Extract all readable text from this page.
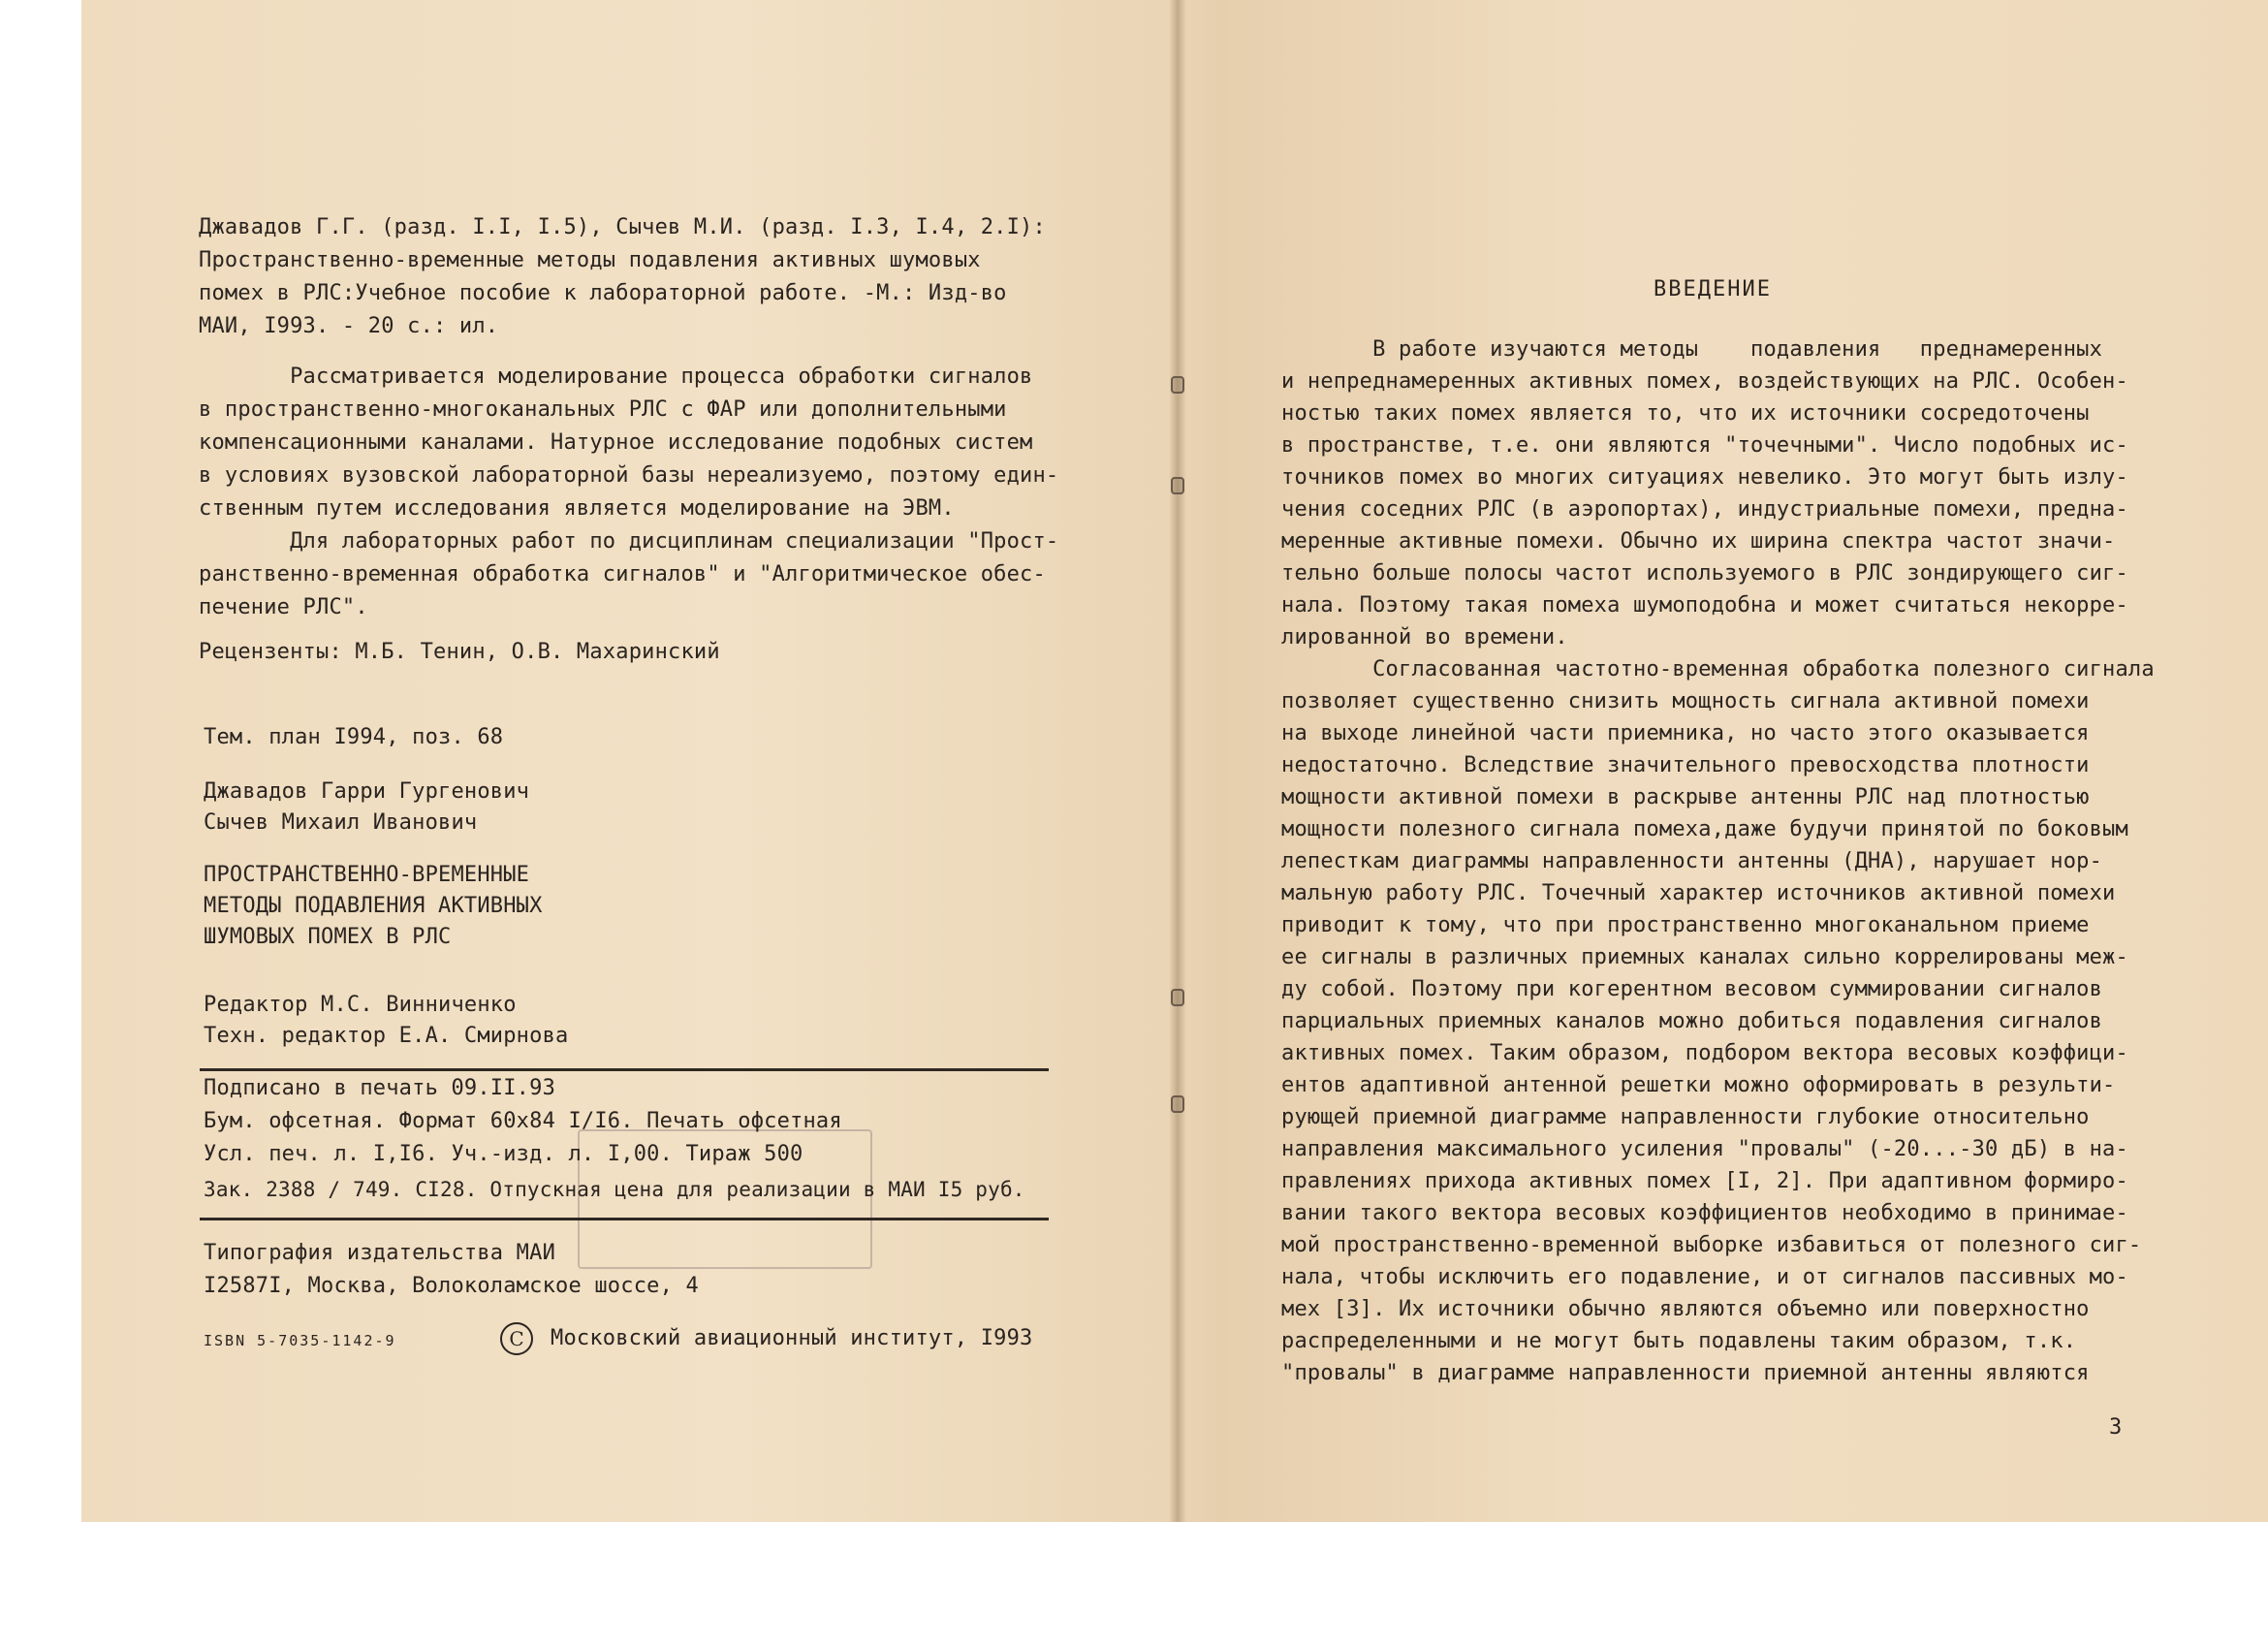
Джавадов Г.Г. (разд. I.I, I.5), Сычев М.И. (разд. I.3, I.4, 2.I):
Пространственно-временные методы подавления активных шумовых
помех в РЛС:Учебное пособие к лабораторной работе. -М.: Изд-во
МАИ, I993. - 20 с.: ил.
Рассматривается моделирование процесса обработки сигналов
в пространственно-многоканальных РЛС с ФАР или дополнительными
компенсационными каналами. Натурное исследование подобных систем
в условиях вузовской лабораторной базы нереализуемо, поэтому един-
ственным путем исследования является моделирование на ЭВМ.
Для лабораторных работ по дисциплинам специализации "Прост-
ранственно-временная обработка сигналов" и "Алгоритмическое обес-
печение РЛС".
Рецензенты: М.Б. Тенин, О.В. Махаринский
Тем. план I994, поз. 68
Джавадов Гарри Гургенович
Сычев Михаил Иванович
ПРОСТРАНСТВЕННО-ВРЕМЕННЫЕ
МЕТОДЫ ПОДАВЛЕНИЯ АКТИВНЫХ
ШУМОВЫХ ПОМЕХ В РЛС
Редактор М.С. Винниченко
Техн. редактор Е.А. Смирнова
Подписано в печать 09.II.93
Бум. офсетная. Формат 60x84 I/I6. Печать офсетная
Усл. печ. л. I,I6. Уч.-изд. л. I,00. Тираж 500
Зак. 2388 / 749. CI28. Отпускная цена для реализации в МАИ I5 руб.
Типография издательства МАИ
I2587I, Москва, Волоколамское шоссе, 4
ISBN 5-7035-1142-9	C	Московский авиационный институт, I993
ВВЕДЕНИЕ
В работе изучаются методы    подавления   преднамеренных
и непреднамеренных активных помех, воздействующих на РЛС. Особен-
ностью таких помех является то, что их источники сосредоточены
в пространстве, т.е. они являются "точечными". Число подобных ис-
точников помех во многих ситуациях невелико. Это могут быть излу-
чения соседних РЛС (в аэропортах), индустриальные помехи, предна-
меренные активные помехи. Обычно их ширина спектра частот значи-
тельно больше полосы частот используемого в РЛС зондирующего сиг-
нала. Поэтому такая помеха шумоподобна и может считаться некорре-
лированной во времени.
Согласованная частотно-временная обработка полезного сигнала
позволяет существенно снизить мощность сигнала активной помехи
на выходе линейной части приемника, но часто этого оказывается
недостаточно. Вследствие значительного превосходства плотности
мощности активной помехи в раскрыве антенны РЛС над плотностью
мощности полезного сигнала помеха,даже будучи принятой по боковым
лепесткам диаграммы направленности антенны (ДНА), нарушает нор-
мальную работу РЛС. Точечный характер источников активной помехи
приводит к тому, что при пространственно многоканальном приеме
ее сигналы в различных приемных каналах сильно коррелированы меж-
ду собой. Поэтому при когерентном весовом суммировании сигналов
парциальных приемных каналов можно добиться подавления сигналов
активных помех. Таким образом, подбором вектора весовых коэффици-
ентов адаптивной антенной решетки можно оформировать в результи-
рующей приемной диаграмме направленности глубокие относительно
направления максимального усиления "провалы" (-20...-30 дБ) в на-
правлениях прихода активных помех [I, 2]. При адаптивном формиро-
вании такого вектора весовых коэффициентов необходимо в принимае-
мой пространственно-временной выборке избавиться от полезного сиг-
нала, чтобы исключить его подавление, и от сигналов пассивных мо-
мех [3]. Их источники обычно являются объемно или поверхностно
распределенными и не могут быть подавлены таким образом, т.к.
"провалы" в диаграмме направленности приемной антенны являются
3
